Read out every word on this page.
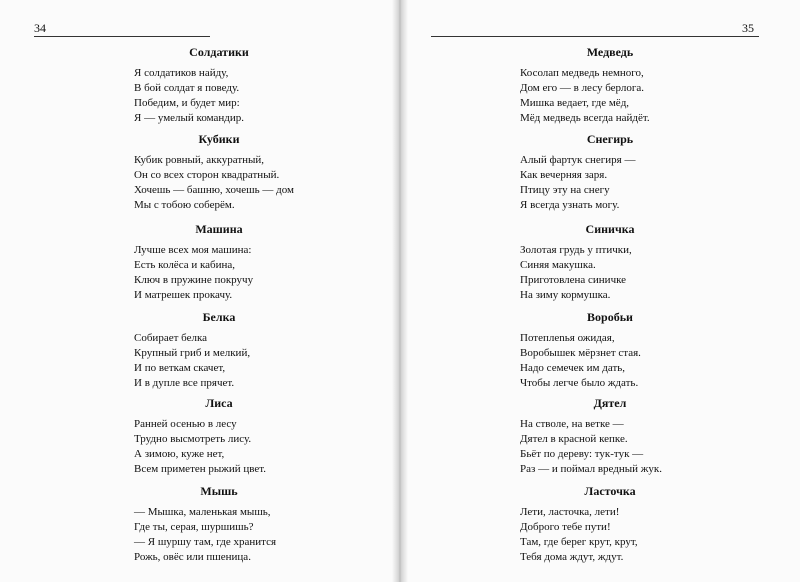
34	35
Солдатики
Я солдатиков найду,
В бой солдат я поведу.
Победим, и будет мир:
Я — умелый командир.
Кубики
Кубик ровный, аккуратный,
Он со всех сторон квадратный.
Хочешь — башню, хочешь — дом
Мы с тобою соберём.
Машина
Лучше всех моя машина:
Есть колёса и кабина,
Ключ в пружине покручу
И матрешек прокачу.
Белка
Собирает белка
Крупный гриб и мелкий,
И по веткам скачет,
И в дупле все прячет.
Лиса
Ранней осенью в лесу
Трудно высмотреть лису.
А зимою, куже нет,
Всем приметен рыжий цвет.
Мышь
— Мышка, маленькая мышь,
Где ты, серая, шуршишь?
— Я шуршу там, где хранится
Рожь, овёс или пшеница.
Медведь
Косолап медведь немного,
Дом его — в лесу берлога.
Мишка ведает, где мёд,
Мёд медведь всегда найдёт.
Снегирь
Алый фартук снегиря —
Как вечерняя заря.
Птицу эту на снегу
Я всегда узнать могу.
Синичка
Золотая грудь у птички,
Синяя макушка.
Приготовлена синичке
На зиму кормушка.
Воробьи
Потеплenья ожидая,
Воробышек мёрзнет стая.
Надо семечек им дать,
Чтобы легче было ждать.
Дятел
На стволе, на ветке —
Дятел в красной кепке.
Бьёт по дереву: тук-тук —
Раз — и поймал вредный жук.
Ласточка
Лети, ласточка, лети!
Доброго тебе пути!
Там, где берег крут, крут,
Тебя дома ждут, ждут.
